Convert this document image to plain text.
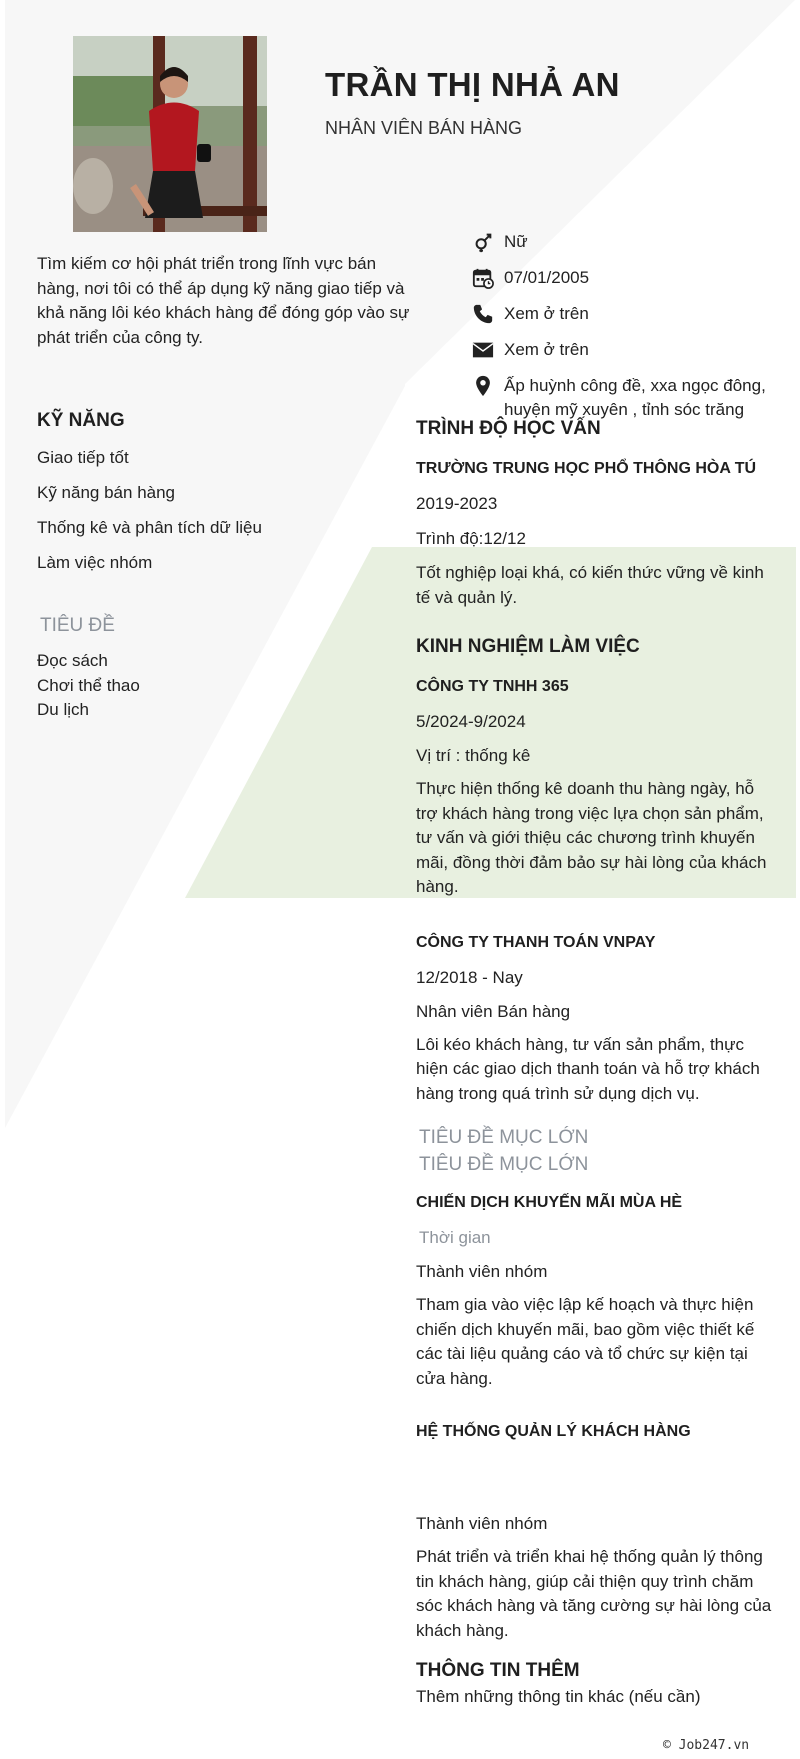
TRẦN THỊ NHẢ AN
NHÂN VIÊN BÁN HÀNG
Nữ
07/01/2005
Xem ở trên
Xem ở trên
Ấp huỳnh công đề, xxa ngọc đông, huyện mỹ xuyên , tỉnh sóc trăng
Tìm kiếm cơ hội phát triển trong lĩnh vực bán hàng, nơi tôi có thể áp dụng kỹ năng giao tiếp và khả năng lôi kéo khách hàng để đóng góp vào sự phát triển của công ty.
KỸ NĂNG
Giao tiếp tốt
Kỹ năng bán hàng
Thống kê và phân tích dữ liệu
Làm việc nhóm
TIÊU ĐỀ
Đọc sách
Chơi thể thao
Du lịch
TRÌNH ĐỘ HỌC VẤN
TRƯỜNG TRUNG HỌC PHỔ THÔNG HÒA TÚ
2019-2023
Trình độ:12/12
Tốt nghiệp loại khá, có kiến thức vững về kinh tế và quản lý.
KINH NGHIỆM LÀM VIỆC
CÔNG TY TNHH 365
5/2024-9/2024
Vị trí : thống kê
Thực hiện thống kê doanh thu hàng ngày, hỗ trợ khách hàng trong việc lựa chọn sản phẩm, tư vấn và giới thiệu các chương trình khuyến mãi, đồng thời đảm bảo sự hài lòng của khách hàng.
CÔNG TY THANH TOÁN VNPAY
12/2018 - Nay
Nhân viên Bán hàng
Lôi kéo khách hàng, tư vấn sản phẩm, thực hiện các giao dịch thanh toán và hỗ trợ khách hàng trong quá trình sử dụng dịch vụ.
TIÊU ĐỀ MỤC LỚN
TIÊU ĐỀ MỤC LỚN
CHIẾN DỊCH KHUYẾN MÃI MÙA HÈ
Thời gian
Thành viên nhóm
Tham gia vào việc lập kế hoạch và thực hiện chiến dịch khuyến mãi, bao gồm việc thiết kế các tài liệu quảng cáo và tổ chức sự kiện tại cửa hàng.
HỆ THỐNG QUẢN LÝ KHÁCH HÀNG
Thành viên nhóm
Phát triển và triển khai hệ thống quản lý thông tin khách hàng, giúp cải thiện quy trình chăm sóc khách hàng và tăng cường sự hài lòng của khách hàng.
THÔNG TIN THÊM
Thêm những thông tin khác (nếu cần)
© Job247.vn
